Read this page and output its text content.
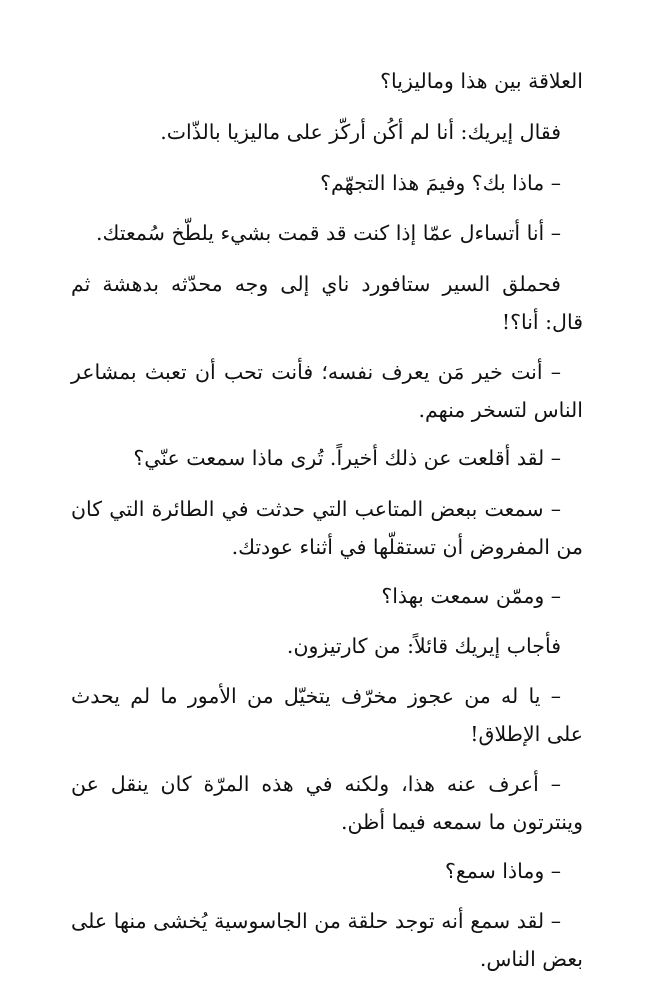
العلاقة بين هذا وماليزيا؟

فقال إيريك: أنا لم أكُن أركّز على ماليزيا بالذّات.

– ماذا بك؟ وفيمَ هذا التجهّم؟

– أنا أتساءل عمّا إذا كنت قد قمت بشيء يلطّخ سُمعتك.

فحملق السير ستافورد ناي إلى وجه محدّثه بدهشة ثم قال: أنا؟!

– أنت خير مَن يعرف نفسه؛ فأنت تحب أن تعبث بمشاعر الناس لتسخر منهم.

– لقد أقلعت عن ذلك أخيراً. تُرى ماذا سمعت عنّي؟

– سمعت ببعض المتاعب التي حدثت في الطائرة التي كان من المفروض أن تستقلّها في أثناء عودتك.

– وممّن سمعت بهذا؟

فأجاب إيريك قائلاً: من كارتيزون.

– يا له من عجوز مخرّف يتخيّل من الأمور ما لم يحدث على الإطلاق!

– أعرف عنه هذا، ولكنه في هذه المرّة كان ينقل عن وينترتون ما سمعه فيما أظن.

– وماذا سمع؟

– لقد سمع أنه توجد حلقة من الجاسوسية يُخشى منها على بعض الناس.
